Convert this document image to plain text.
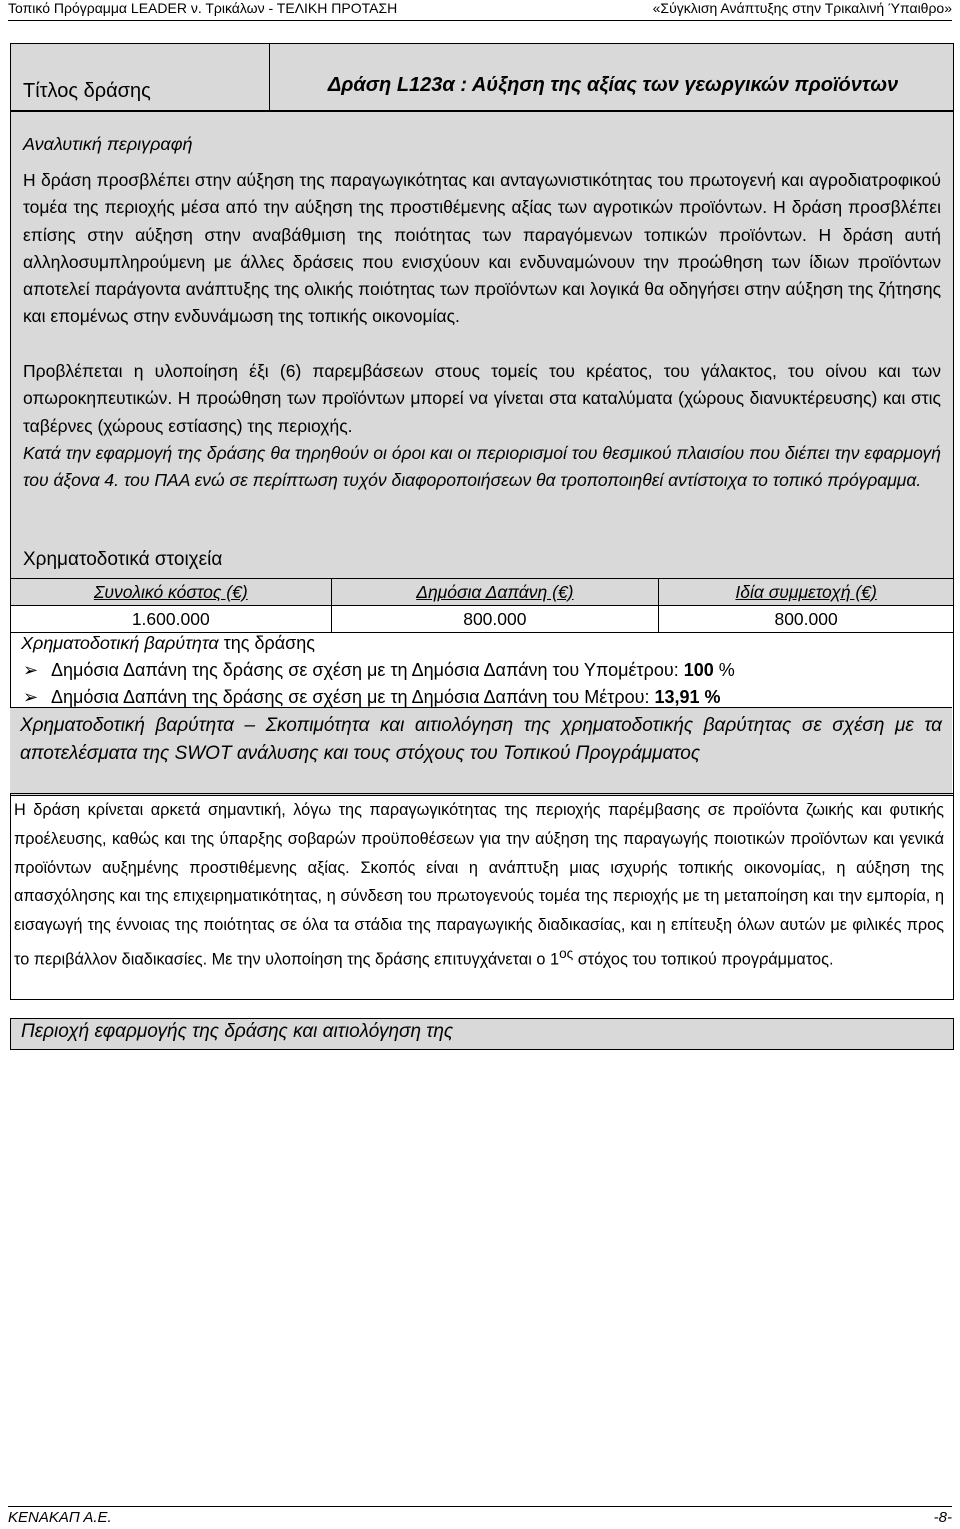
Τοπικό Πρόγραμμα LEADER ν. Τρικάλων - ΤΕΛΙΚΗ ΠΡΟΤΑΣΗ	«Σύγκλιση Ανάπτυξης στην Τρικαλινή Ύπαιθρο»
Τίτλος δράσης	Δράση L123α : Αύξηση της αξίας των γεωργικών προϊόντων
Αναλυτική περιγραφή

Η δράση προσβλέπει στην αύξηση της παραγωγικότητας και ανταγωνιστικότητας του πρωτογενή και αγροδιατροφικού τομέα της περιοχής μέσα από την αύξηση της προστιθέμενης αξίας των αγροτικών προϊόντων. Η δράση προσβλέπει επίσης στην αύξηση στην αναβάθμιση της ποιότητας των παραγόμενων τοπικών προϊόντων. Η δράση αυτή αλληλοσυμπληρούμενη με άλλες δράσεις που ενισχύουν και ενδυναμώνουν την προώθηση των ίδιων προϊόντων αποτελεί παράγοντα ανάπτυξης της ολικής ποιότητας των προϊόντων και λογικά θα οδηγήσει στην αύξηση της ζήτησης και επομένως στην ενδυνάμωση της τοπικής οικονομίας.

Προβλέπεται η υλοποίηση έξι (6) παρεμβάσεων στους τομείς του κρέατος, του γάλακτος, του οίνου και των οπωροκηπευτικών. Η προώθηση των προϊόντων μπορεί να γίνεται στα καταλύματα (χώρους διανυκτέρευσης) και στις ταβέρνες (χώρους εστίασης) της περιοχής.

Κατά την εφαρμογή της δράσης θα τηρηθούν οι όροι και οι περιορισμοί του θεσμικού πλαισίου που διέπει την εφαρμογή του άξονα 4. του ΠΑΑ ενώ σε περίπτωση τυχόν διαφοροποιήσεων θα τροποποιηθεί αντίστοιχα το τοπικό πρόγραμμα.

Χρηματοδοτικά στοιχεία
Συνολικό κόστος (€)	Δημόσια Δαπάνη (€)	Ιδία συμμετοχή (€)
1.600.000	800.000	800.000
Χρηματοδοτική βαρύτητα της δράσης
➢ Δημόσια Δαπάνη της δράσης σε σχέση με τη Δημόσια Δαπάνη του Υπομέτρου: 100 %
➢ Δημόσια Δαπάνη της δράσης σε σχέση με τη Δημόσια Δαπάνη του Μέτρου: 13,91 %

Χρηματοδοτική βαρύτητα – Σκοπιμότητα και αιτιολόγηση της χρηματοδοτικής βαρύτητας σε σχέση με τα αποτελέσματα της SWOT ανάλυσης και τους στόχους του Τοπικού Προγράμματος

Η δράση κρίνεται αρκετά σημαντική, λόγω της παραγωγικότητας της περιοχής παρέμβασης σε προϊόντα ζωικής και φυτικής προέλευσης, καθώς και της ύπαρξης σοβαρών προϋποθέσεων για την αύξηση της παραγωγής ποιοτικών προϊόντων και γενικά προϊόντων αυξημένης προστιθέμενης αξίας. Σκοπός είναι η ανάπτυξη μιας ισχυρής τοπικής οικονομίας, η αύξηση της απασχόλησης και της επιχειρηματικότητας, η σύνδεση του πρωτογενούς τομέα της περιοχής με τη μεταποίηση και την εμπορία, η εισαγωγή της έννοιας της ποιότητας σε όλα τα στάδια της παραγωγικής διαδικασίας, και η επίτευξη όλων αυτών με φιλικές προς το περιβάλλον διαδικασίες. Με την υλοποίηση της δράσης επιτυγχάνεται ο $1^{o\varsigma}$ στόχος του τοπικού προγράμματος.

Περιοχή εφαρμογής της δράσης και αιτιολόγηση της
ΚΕΝΑΚΑΠ Α.Ε.	-8-
